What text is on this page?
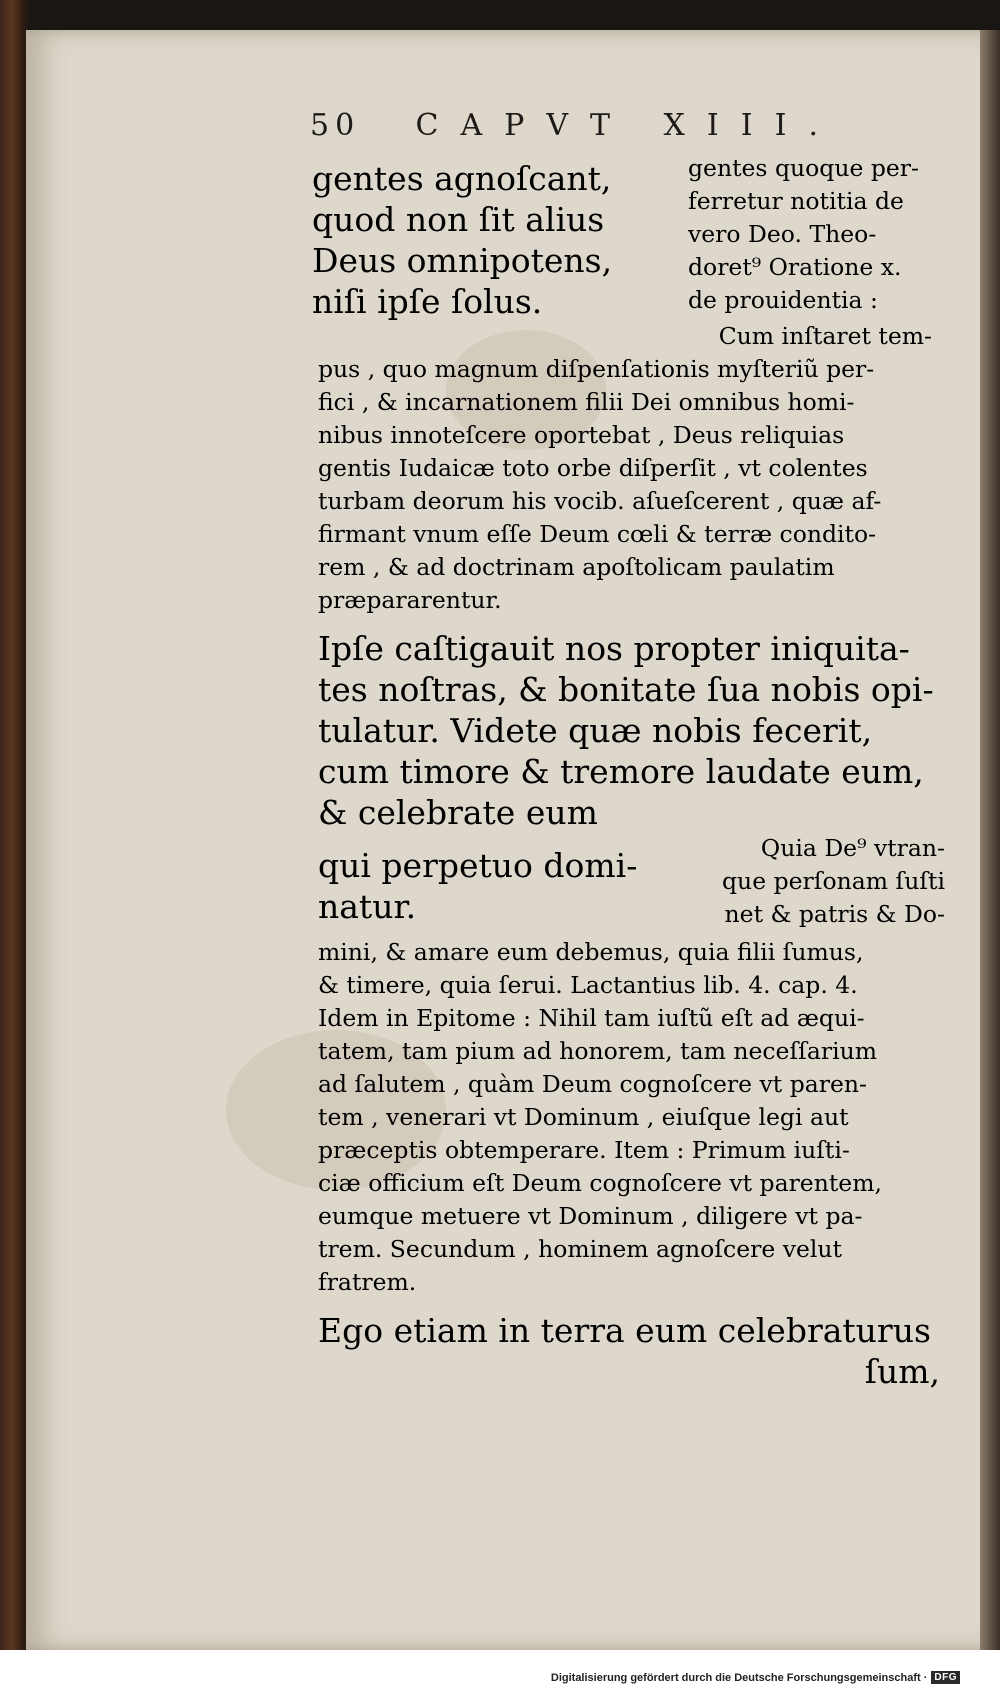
50 CAPVT XIII.
gentes agnoſcant,
quod non ſit alius
Deus omnipotens,
niſi ipſe ſolus.
gentes quoque per-
ferretur notitia de
vero Deo. Theo-
doret⁹ Oratione x.
de prouidentia :
Cum inſtaret tem-
pus , quo magnum diſpenſationis myſteriũ per-
fici , & incarnationem filii Dei omnibus homi-
nibus innoteſcere oportebat , Deus reliquias
gentis Iudaicæ toto orbe diſperſit , vt colentes
turbam deorum his vocib. aſueſcerent , quæ af-
firmant vnum eſſe Deum cœli & terræ condito-
rem , & ad doctrinam apoſtolicam paulatim
præpararentur.
Ipſe caſtigauit nos propter iniquita-
tes noſtras, & bonitate ſua nobis opi-
tulatur. Videte quæ nobis fecerit,
cum timore & tremore laudate eum,
& celebrate eum
qui perpetuo domi-
natur.
Quia De⁹ vtran-
que perſonam ſuſti
net & patris & Do-
mini, & amare eum debemus, quia filii ſumus,
& timere, quia ſerui. Lactantius lib. 4. cap. 4.
Idem in Epitome : Nihil tam iuſtũ eſt ad æqui-
tatem, tam pium ad honorem, tam neceſſarium
ad ſalutem , quàm Deum cognoſcere vt paren-
tem , venerari vt Dominum , eiuſque legi aut
præceptis obtemperare. Item : Primum iuſti-
ciæ officium eſt Deum cognoſcere vt parentem,
eumque metuere vt Dominum , diligere vt pa-
trem. Secundum , hominem agnoſcere velut
fratrem.
Ego etiam in terra eum celebraturus
ſum,
Digitalisierung gefördert durch die Deutsche Forschungsgemeinschaft · DFG
